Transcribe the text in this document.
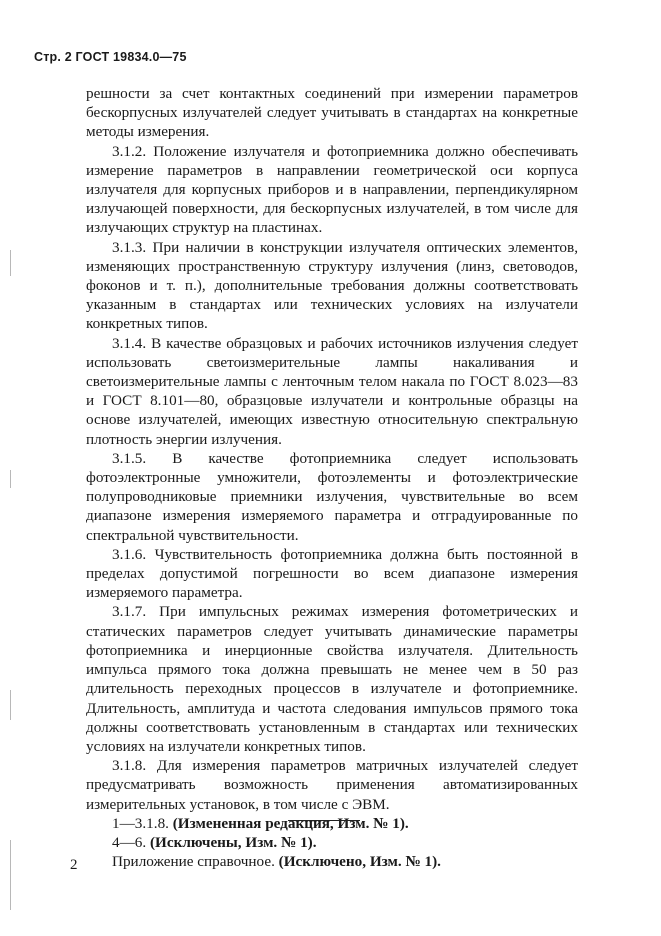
Стр. 2 ГОСТ 19834.0—75

решности за счет контактных соединений при измерении параметров бескорпусных излучателей следует учитывать в стандартах на конкретные методы измерения.

3.1.2. Положение излучателя и фотоприемника должно обеспечивать измерение параметров в направлении геометрической оси корпуса излучателя для корпусных приборов и в направлении, перпендикулярном излучающей поверхности, для бескорпусных излучателей, в том числе для излучающих структур на пластинах.

3.1.3. При наличии в конструкции излучателя оптических элементов, изменяющих пространственную структуру излучения (линз, световодов, фоконов и т. п.), дополнительные требования должны соответствовать указанным в стандартах или технических условиях на излучатели конкретных типов.

3.1.4. В качестве образцовых и рабочих источников излучения следует использовать светоизмерительные лампы накаливания и светоизмерительные лампы с ленточным телом накала по ГОСТ 8.023—83 и ГОСТ 8.101—80, образцовые излучатели и контрольные образцы на основе излучателей, имеющих известную относительную спектральную плотность энергии излучения.

3.1.5. В качестве фотоприемника следует использовать фотоэлектронные умножители, фотоэлементы и фотоэлектрические полупроводниковые приемники излучения, чувствительные во всем диапазоне измерения измеряемого параметра и отградуированные по спектральной чувствительности.

3.1.6. Чувствительность фотоприемника должна быть постоянной в пределах допустимой погрешности во всем диапазоне измерения измеряемого параметра.

3.1.7. При импульсных режимах измерения фотометрических и статических параметров следует учитывать динамические параметры фотоприемника и инерционные свойства излучателя. Длительность импульса прямого тока должна превышать не менее чем в 50 раз длительность переходных процессов в излучателе и фотоприемнике. Длительность, амплитуда и частота следования импульсов прямого тока должны соответствовать установленным в стандартах или технических условиях на излучатели конкретных типов.

3.1.8. Для измерения параметров матричных излучателей следует предусматривать возможность применения автоматизированных измерительных установок, в том числе с ЭВМ.

1—3.1.8. (Измененная редакция, Изм. № 1).

4—6. (Исключены, Изм. № 1).

Приложение справочное. (Исключено, Изм. № 1).

2
